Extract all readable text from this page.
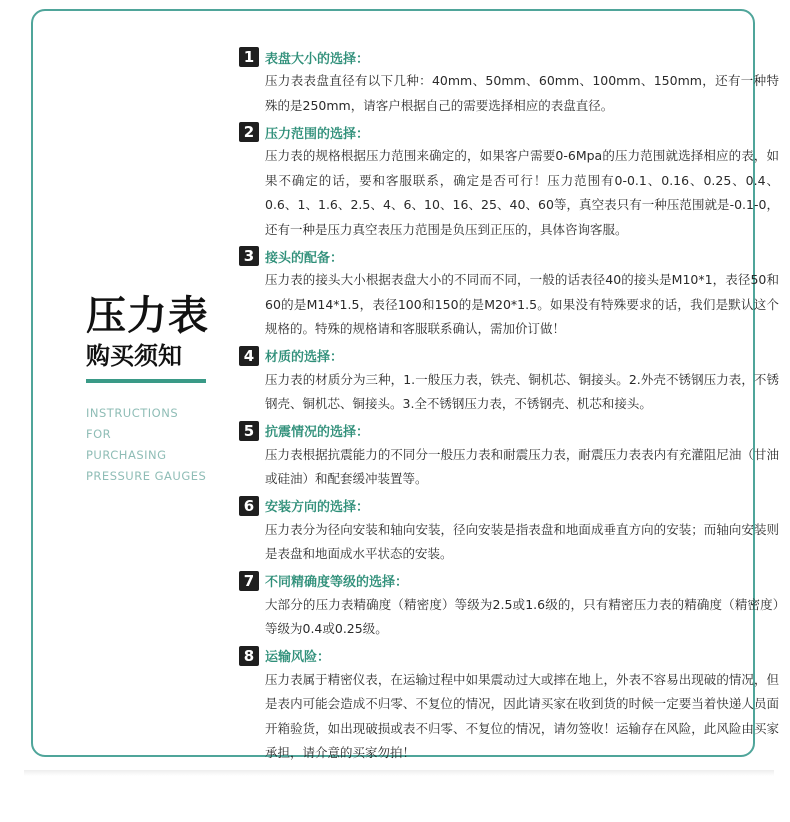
压力表
购买须知
INSTRUCTIONS
FOR
PURCHASING
PRESSURE GAUGES
1 表盘大小的选择：
压力表表盘直径有以下几种：40mm、50mm、60mm、100mm、150mm，还有一种特殊的是250mm，请客户根据自己的需要选择相应的表盘直径。
2 压力范围的选择：
压力表的规格根据压力范围来确定的，如果客户需要0-6Mpa的压力范围就选择相应的表，如果不确定的话，要和客服联系，确定是否可行！压力范围有0-0.1、0.16、0.25、0.4、0.6、1、1.6、2.5、4、6、10、16、25、40、60等，真空表只有一种压范围就是-0.1-0，还有一种是压力真空表压力范围是负压到正压的，具体咨询客服。
3 接头的配备：
压力表的接头大小根据表盘大小的不同而不同，一般的话表径40的接头是M10*1，表径50和60的是M14*1.5，表径100和150的是M20*1.5。如果没有特殊要求的话，我们是默认这个规格的。特殊的规格请和客服联系确认，需加价订做！
4 材质的选择：
压力表的材质分为三种，1.一般压力表，铁壳、铜机芯、铜接头。2.外壳不锈钢压力表，不锈钢壳、铜机芯、铜接头。3.全不锈钢压力表，不锈钢壳、机芯和接头。
5 抗震情况的选择：
压力表根据抗震能力的不同分一般压力表和耐震压力表，耐震压力表表内有充灌阻尼油（甘油或硅油）和配套缓冲装置等。
6 安装方向的选择：
压力表分为径向安装和轴向安装，径向安装是指表盘和地面成垂直方向的安装；而轴向安装则是表盘和地面成水平状态的安装。
7 不同精确度等级的选择：
大部分的压力表精确度（精密度）等级为2.5或1.6级的，只有精密压力表的精确度（精密度）等级为0.4或0.25级。
8 运输风险：
压力表属于精密仪表，在运输过程中如果震动过大或摔在地上，外表不容易出现破的情况，但是表内可能会造成不归零、不复位的情况，因此请买家在收到货的时候一定要当着快递人员面开箱验货，如出现破损或表不归零、不复位的情况，请勿签收！运输存在风险，此风险由买家承担，请介意的买家勿拍！
